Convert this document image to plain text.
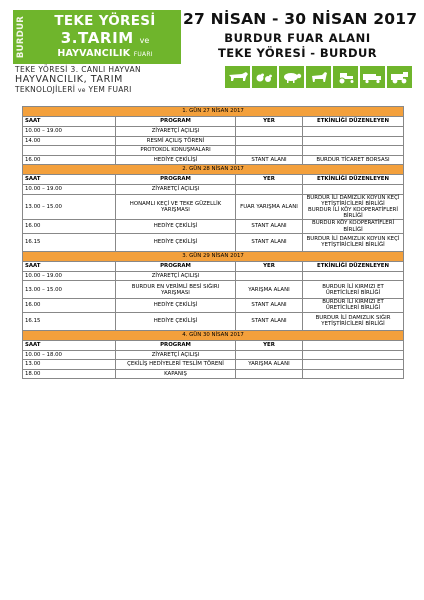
BURDUR	TEKE YÖRESİ
3.TARIM ve
HAYVANCILIK FUARI
27 NİSAN - 30 NİSAN 2017
BURDUR FUAR ALANI
TEKE YÖRESİ - BURDUR
TEKE YÖRESİ 3. CANLI HAYVAN
HAYVANCILIK, TARIM
TEKNOLOJİLERİ ve YEM FUARI
1. GÜN 27 NİSAN 2017			
SAAT	PROGRAM	YER	ETKİNLİĞİ DÜZENLEYEN
10.00 – 19.00	ZİYARETÇİ AÇILIŞI		
14.00	RESMİ AÇILIŞ TÖRENİ		
	PROTOKOL KONUŞMALARI		
16.00	HEDİYE ÇEKİLİŞİ	STANT ALANI	BURDUR TİCARET BORSASI
2. GÜN 28 NİSAN 2017			
SAAT	PROGRAM	YER	ETKİNLİĞİ DÜZENLEYEN
10.00 – 19.00	ZİYARETÇİ AÇILIŞI		
13.00 – 15.00	HONAMLI KEÇİ VE TEKE GÜZELLİK YARIŞMASI	FUAR YARIŞMA ALANI	BURDUR İLİ DAMIZLIK KOYUN KEÇİ YETİŞTİRİCİLERİ BİRLİĞİ
BURDUR İLİ KÖY KOOPERATİFLERİ BİRLİĞİ

16.00	HEDİYE ÇEKİLİŞİ	STANT ALANI	BURDUR KÖY KOOPERATİFLERİ BİRLİĞİ
16.15	HEDİYE ÇEKİLİŞİ	STANT ALANI	BURDUR İLİ DAMIZLIK KOYUN KEÇİ YETİŞTİRİCİLERİ BİRLİĞİ
3. GÜN 29 NİSAN 2017			
SAAT	PROGRAM	YER	ETKİNLİĞİ DÜZENLEYEN
10.00 – 19.00	ZİYARETÇİ AÇILIŞI		
13.00 – 15.00	BURDUR EN VERİMLİ BESİ SIĞIRI YARIŞMASI	YARIŞMA ALANI	BURDUR İLİ KIRMIZI ET ÜRETİCİLERİ BİRLİĞİ
16.00	HEDİYE ÇEKİLİŞİ	STANT ALANI	BURDUR İLİ KIRMIZI ET ÜRETİCİLERİ BİRLİĞİ
16.15	HEDİYE ÇEKİLİŞİ	STANT ALANI	BURDUR İLİ DAMIZLIK SIĞIR YETİŞTİRİCİLERİ BİRLİĞİ
4. GÜN 30 NİSAN 2017			
SAAT	PROGRAM	YER	
10.00 – 18.00	ZİYARETÇİ AÇILIŞI		
13.00	ÇEKİLİŞ HEDİYELERİ TESLİM TÖRENİ	YARIŞMA ALANI	
18.00	KAPANIŞ		
